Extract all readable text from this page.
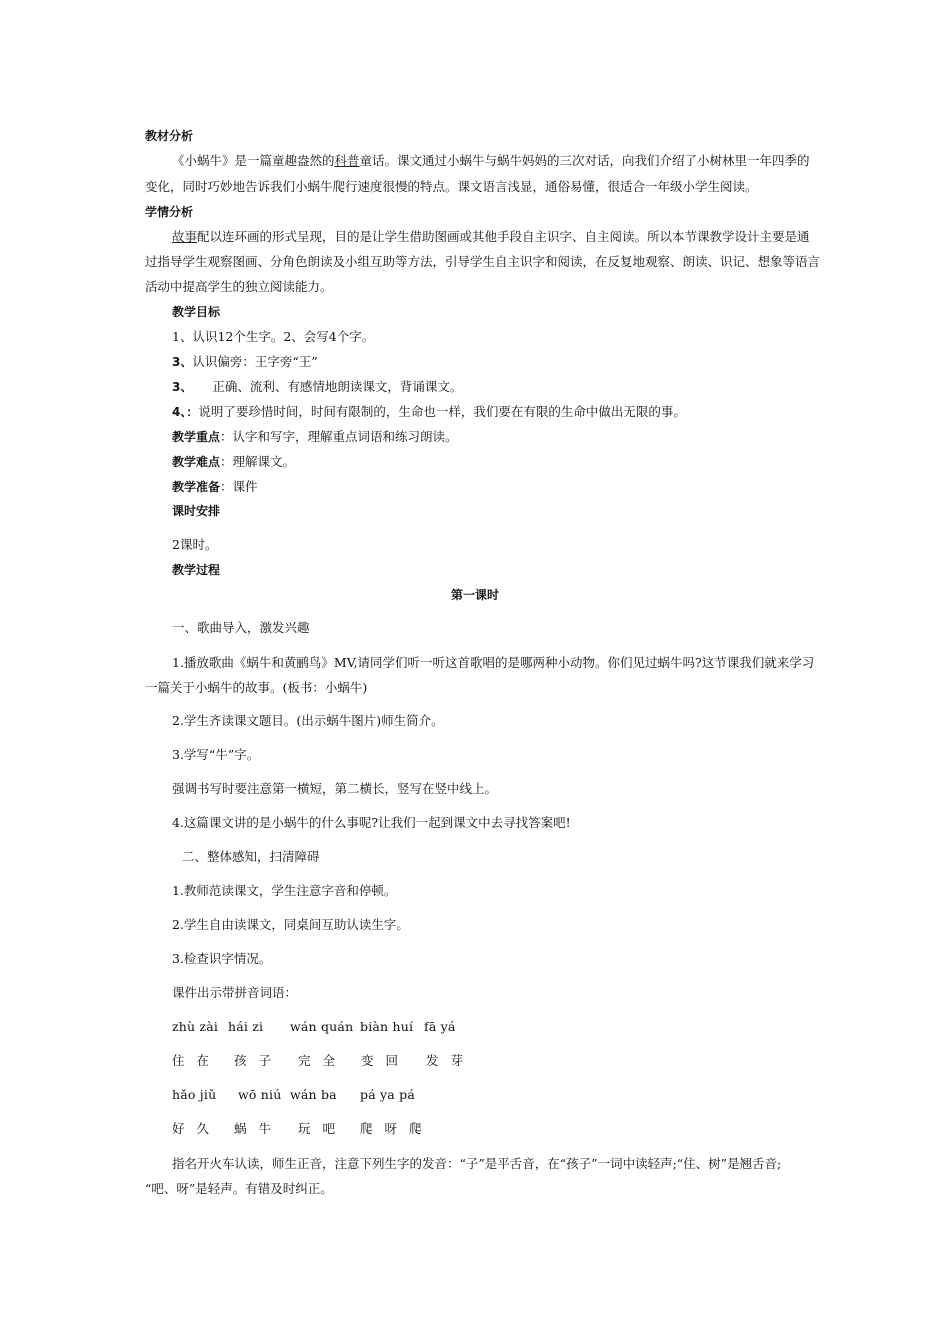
教材分析
《小蜗牛》是一篇童趣盎然的科普童话。课文通过小蜗牛与蜗牛妈妈的三次对话，向我们介绍了小树林里一年四季的
变化，同时巧妙地告诉我们小蜗牛爬行速度很慢的特点。课文语言浅显，通俗易懂，很适合一年级小学生阅读。
学情分析
故事配以连环画的形式呈现，目的是让学生借助图画或其他手段自主识字、自主阅读。所以本节课教学设计主要是通
过指导学生观察图画、分角色朗读及小组互助等方法，引导学生自主识字和阅读，在反复地观察、朗读、识记、想象等语言
活动中提高学生的独立阅读能力。
教学目标
1、认识12个生字。2、会写4个字。
3、认识偏旁：王字旁“王”
3、 正确、流利、有感情地朗读课文，背诵课文。
4、：说明了要珍惜时间，时间有限制的，生命也一样，我们要在有限的生命中做出无限的事。
教学重点：认字和写字，理解重点词语和练习朗读。
教学难点：理解课文。
教学准备：课件
课时安排
2课时。
教学过程
第一课时
一、歌曲导入，激发兴趣
1.播放歌曲《蜗牛和黄鹂鸟》MV,请同学们听一听这首歌唱的是哪两种小动物。你们见过蜗牛吗?这节课我们就来学习
一篇关于小蜗牛的故事。(板书：小蜗牛)
2.学生齐读课文题目。(出示蜗牛图片)师生简介。
3.学写“牛”字。
强调书写时要注意第一横短，第二横长，竖写在竖中线上。
4.这篇课文讲的是小蜗牛的什么事呢?让我们一起到课文中去寻找答案吧!
二、整体感知，扫清障碍
1.教师范读课文，学生注意字音和停顿。
2.学生自由读课文，同桌间互助认读生字。
3.检查识字情况。
课件出示带拼音词语：
zhù zài hái zi wán quán biàn huí fā yá
住 在 孩 子 完 全 变 回 发 芽
hǎo jiǔ wō niú wán ba pá ya pá
好 久 蜗 牛 玩 吧 爬 呀 爬
指名开火车认读，师生正音，注意下列生字的发音：“子”是平舌音，在“孩子”一词中读轻声;“住、树”是翘舌音;
“吧、呀”是轻声。有错及时纠正。
